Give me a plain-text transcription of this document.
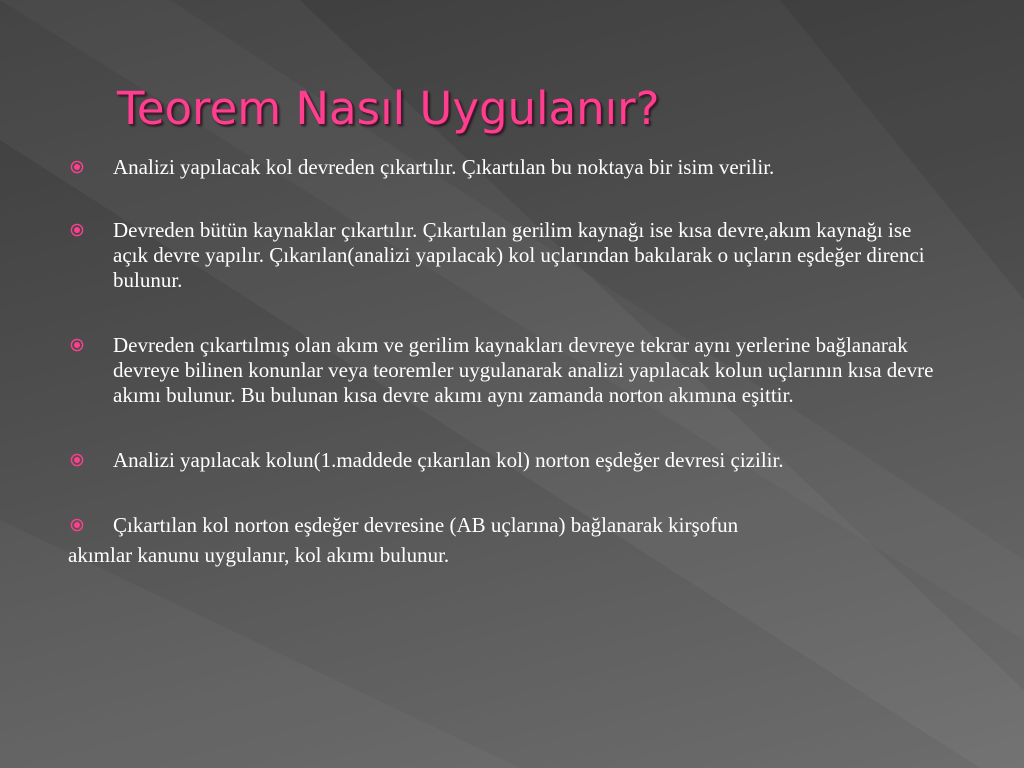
Teorem Nasıl Uygulanır?
Analizi yapılacak kol devreden çıkartılır. Çıkartılan bu noktaya bir isim verilir.
Devreden bütün kaynaklar çıkartılır. Çıkartılan gerilim kaynağı ise kısa devre,akım kaynağı ise açık devre yapılır. Çıkarılan(analizi yapılacak) kol uçlarından bakılarak o uçların eşdeğer direnci bulunur.
Devreden çıkartılmış olan akım ve gerilim kaynakları devreye tekrar aynı yerlerine bağlanarak devreye bilinen konunlar veya teoremler uygulanarak analizi yapılacak kolun uçlarının kısa devre akımı bulunur. Bu bulunan kısa devre akımı aynı zamanda norton akımına eşittir.
Analizi yapılacak kolun(1.maddede çıkarılan kol) norton eşdeğer devresi çizilir.
Çıkartılan kol norton eşdeğer devresine (AB uçlarına) bağlanarak kirşofun
akımlar kanunu uygulanır, kol akımı bulunur.
